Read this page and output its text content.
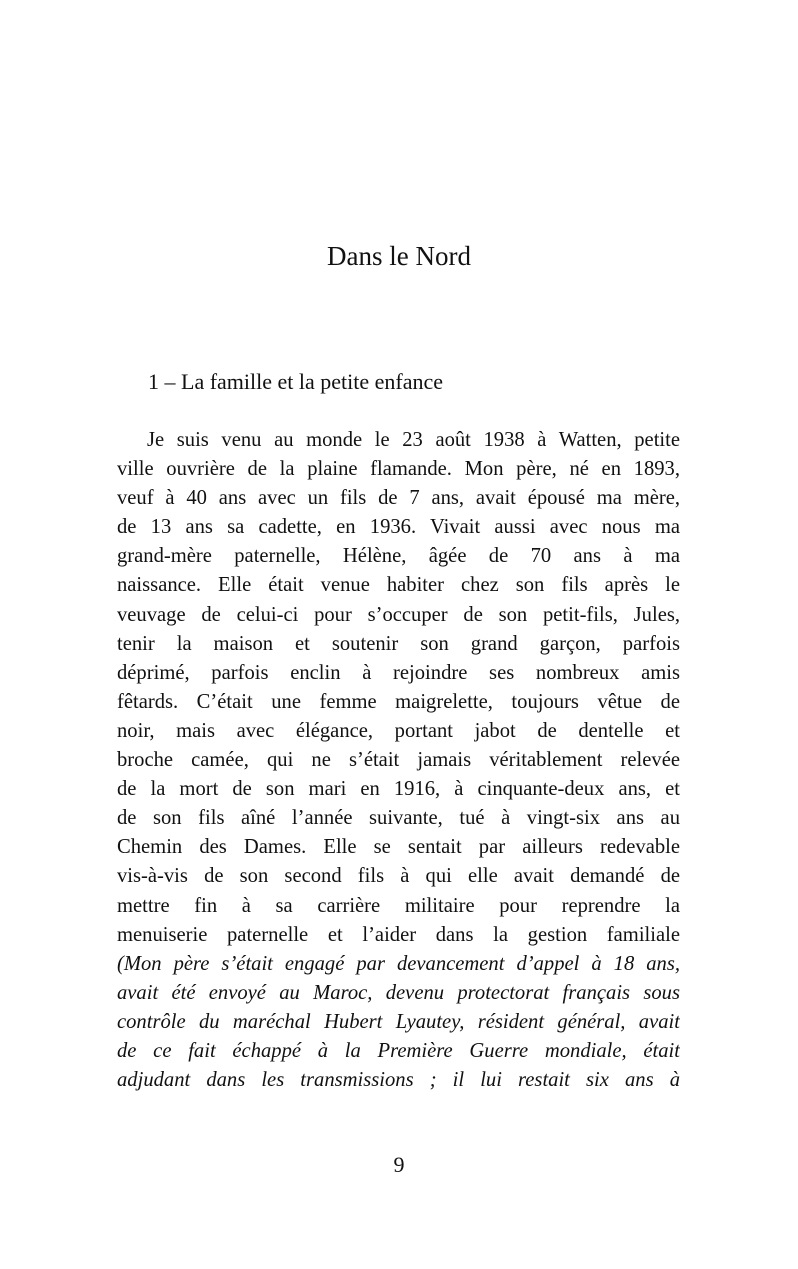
Dans le Nord
1 – La famille et la petite enfance
Je suis venu au monde le 23 août 1938 à Watten, petite
ville ouvrière de la plaine flamande. Mon père, né en 1893,
veuf à 40 ans avec un fils de 7 ans, avait épousé ma mère,
de 13 ans sa cadette, en 1936. Vivait aussi avec nous ma
grand-mère paternelle, Hélène, âgée de 70 ans à ma
naissance. Elle était venue habiter chez son fils après le
veuvage de celui-ci pour s’occuper de son petit-fils, Jules,
tenir la maison et soutenir son grand garçon, parfois
déprimé, parfois enclin à rejoindre ses nombreux amis
fêtards. C’était une femme maigrelette, toujours vêtue de
noir, mais avec élégance, portant jabot de dentelle et
broche camée, qui ne s’était jamais véritablement relevée
de la mort de son mari en 1916, à cinquante-deux ans, et
de son fils aîné l’année suivante, tué à vingt-six ans au
Chemin des Dames. Elle se sentait par ailleurs redevable
vis-à-vis de son second fils à qui elle avait demandé de
mettre fin à sa carrière militaire pour reprendre la
menuiserie paternelle et l’aider dans la gestion familiale
(Mon père s’était engagé par devancement d’appel à 18 ans,
avait été envoyé au Maroc, devenu protectorat français sous
contrôle du maréchal Hubert Lyautey, résident général, avait
de ce fait échappé à la Première Guerre mondiale, était
adjudant dans les transmissions ; il lui restait six ans à
9
